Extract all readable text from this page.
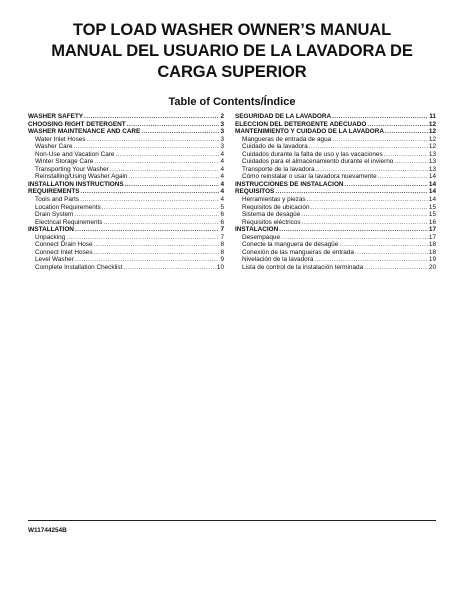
TOP LOAD WASHER OWNER’S MANUAL
MANUAL DEL USUARIO DE LA LAVADORA DE
CARGA SUPERIOR
Table of Contents/Índice
WASHER SAFETY .....	2
CHOOSING RIGHT DETERGENT .....	3
WASHER MAINTENANCE AND CARE .....	3
Water Inlet Hoses .....	3
Washer Care .....	3
Non-Use and Vacation Care .....	4
Winter Storage Care .....	4
Transporting Your Washer .....	4
Reinstalling/Using Washer Again .....	4
INSTALLATION INSTRUCTIONS .....	4
REQUIREMENTS .....	4
Tools and Parts .....	4
Location Requirements .....	5
Drain System .....	6
Electrical Requirements .....	6
INSTALLATION .....	7
Unpacking .....	7
Connect Drain Hose .....	8
Connect Inlet Hoses .....	8
Level Washer .....	9
Complete Installation Checklist .....	10
SEGURIDAD DE LA LAVADORA .....	11
ELECCIÓN DEL DETERGENTE ADECUADO .....	12
MANTENIMIENTO Y CUIDADO DE LA LAVADORA .....	12
Mangueras de entrada de agua .....	12
Cuidado de la lavadora .....	12
Cuidados durante la falta de uso y las vacaciones .....	13
Cuidados para el almacenamiento durante el invierno .....	13
Transporte de la lavadora .....	13
Cómo reinstalar o usar la lavadora nuevamente .....	14
INSTRUCCIONES DE INSTALACIÓN .....	14
REQUISITOS .....	14
Herramientas y piezas .....	14
Requisitos de ubicación .....	15
Sistema de desagüe .....	15
Requisitos eléctricos .....	16
INSTALACIÓN .....	17
Desempaque .....	17
Conecte la manguera de desagüe .....	18
Conexión de las mangueras de entrada .....	18
Nivelación de la lavadora .....	19
Lista de control de la instalación terminada .....	20
W11744254B
